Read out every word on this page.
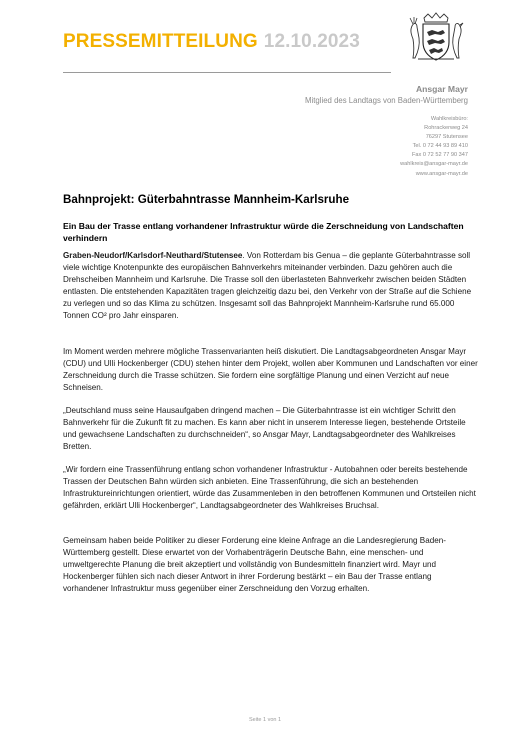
PRESSEMITTEILUNG 12.10.2023
Ansgar Mayr
Mitglied des Landtags von Baden-Württemberg
Wahlkreisbüro:
Rohrackerweg 24
76297 Stutensee
Tel. 0 72 44 93 89 410
Fax 0 72 52 77 90 347
wahlkreis@ansgar-mayr.de
www.ansgar-mayr.de
Bahnprojekt: Güterbahntrasse Mannheim-Karlsruhe

Ein Bau der Trasse entlang vorhandener Infrastruktur würde die Zerschneidung von Landschaften verhindern

Graben-Neudorf/Karlsdorf-Neuthard/Stutensee. Von Rotterdam bis Genua – die geplante Güterbahntrasse soll viele wichtige Knotenpunkte des europäischen Bahnverkehrs miteinander verbinden. Dazu gehören auch die Drehscheiben Mannheim und Karlsruhe. Die Trasse soll den überlasteten Bahnverkehr zwischen beiden Städten entlasten. Die entstehenden Kapazitäten tragen gleichzeitig dazu bei, den Verkehr von der Straße auf die Schiene zu verlegen und so das Klima zu schützen. Insgesamt soll das Bahnprojekt Mannheim-Karlsruhe rund 65.000 Tonnen CO² pro Jahr einsparen.

Im Moment werden mehrere mögliche Trassenvarianten heiß diskutiert. Die Landtagsabgeordneten Ansgar Mayr (CDU) und Ulli Hockenberger (CDU) stehen hinter dem Projekt, wollen aber Kommunen und Landschaften vor einer Zerschneidung durch die Trasse schützen. Sie fordern eine sorgfältige Planung und einen Verzicht auf neue Schneisen.

„Deutschland muss seine Hausaufgaben dringend machen – Die Güterbahntrasse ist ein wichtiger Schritt den Bahnverkehr für die Zukunft fit zu machen. Es kann aber nicht in unserem Interesse liegen, bestehende Ortsteile und gewachsene Landschaften zu durchschneiden“, so Ansgar Mayr, Landtagsabgeordneter des Wahlkreises Bretten.

„Wir fordern eine Trassenführung entlang schon vorhandener Infrastruktur - Autobahnen oder bereits bestehende Trassen der Deutschen Bahn würden sich anbieten. Eine Trassenführung, die sich an bestehenden Infrastruktureinrichtungen orientiert, würde das Zusammenleben in den betroffenen Kommunen und Ortsteilen nicht gefährden, erklärt Ulli Hockenberger“, Landtagsabgeordneter des Wahlkreises Bruchsal.

Gemeinsam haben beide Politiker zu dieser Forderung eine kleine Anfrage an die Landesregierung Baden-Württemberg gestellt. Diese erwartet von der Vorhabenträgerin Deutsche Bahn, eine menschen- und umweltgerechte Planung die breit akzeptiert und vollständig von Bundesmitteln finanziert wird. Mayr und Hockenberger fühlen sich nach dieser Antwort in ihrer Forderung bestärkt – ein Bau der Trasse entlang vorhandener Infrastruktur muss gegenüber einer Zerschneidung den Vorzug erhalten.

Seite 1 von 1
